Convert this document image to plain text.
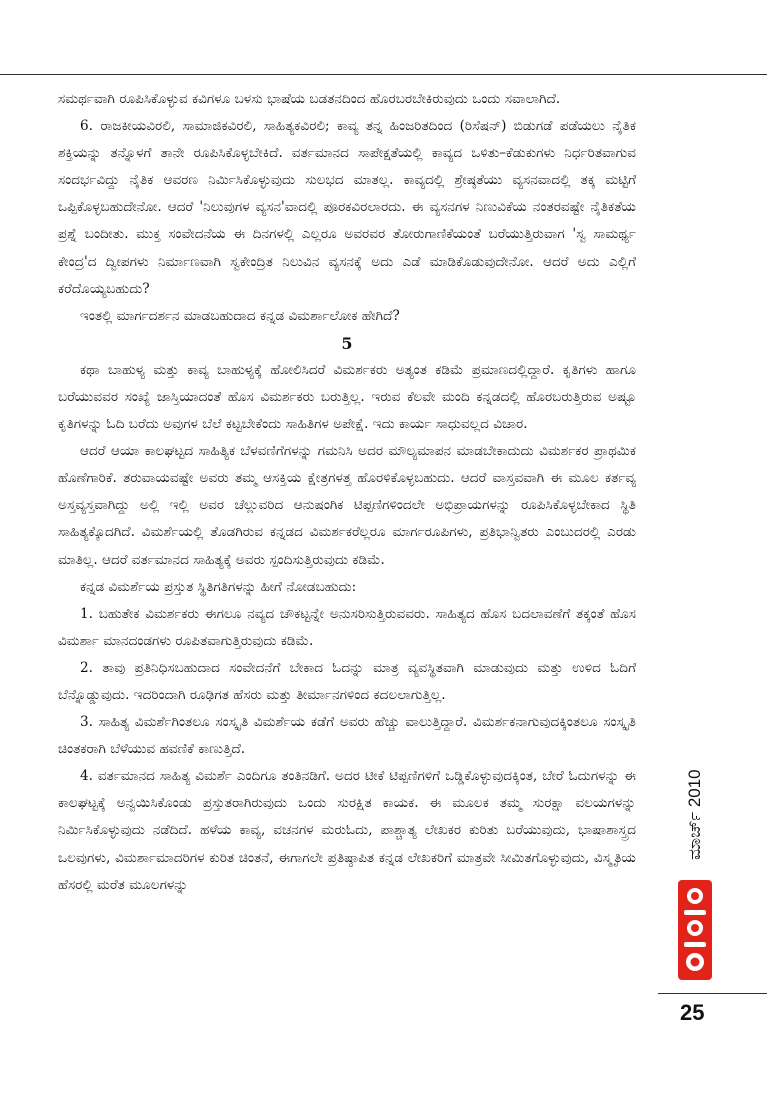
ಸಮರ್ಥವಾಗಿ ರೂಪಿಸಿಕೊಳ್ಳುವ ಕವಿಗಳೂ ಬಳಸು ಭಾಷೆಯ ಬಡತನದಿಂದ ಹೊರಬರಬೇಕಿರುವುದು ಒಂದು ಸವಾಲಾಗಿದೆ.

6. ರಾಜಕೀಯವಿರಲಿ, ಸಾಮಾಜಿಕವಿರಲಿ, ಸಾಹಿತ್ಯಕವಿರಲಿ; ಕಾವ್ಯ ತನ್ನ ಹಿಂಜರಿತದಿಂದ (ರಿಸೆಷನ್) ಬಿಡುಗಡೆ ಪಡೆಯಲು ನೈತಿಕ ಶಕ್ತಿಯನ್ನು ತನ್ನೊಳಗೆ ತಾನೇ ರೂಪಿಸಿಕೊಳ್ಳಬೇಕಿದೆ. ವರ್ತಮಾನದ ಸಾಪೇಕ್ಷತೆಯಲ್ಲಿ ಕಾವ್ಯದ ಒಳಿತು–ಕೆಡುಕುಗಳು ನಿರ್ಧರಿತವಾಗುವ ಸಂದರ್ಭವಿದ್ದು ನೈತಿಕ ಆವರಣ ನಿರ್ಮಿಸಿಕೊಳ್ಳುವುದು ಸುಲಭದ ಮಾತಲ್ಲ. ಕಾವ್ಯದಲ್ಲಿ ಶ್ರೇಷ್ಠತೆಯು ವ್ಯಸನವಾದಲ್ಲಿ ತಕ್ಕ ಮಟ್ಟಿಗೆ ಒಪ್ಪಿಕೊಳ್ಳಬಹುದೇನೋ. ಆದರೆ 'ನಿಲುವುಗಳ ವ್ಯಸನ'ವಾದಲ್ಲಿ ಪೂರಕವಿರಲಾರದು. ಈ ವ್ಯಸನಗಳ ನಿಣುವಿಕೆಯ ನಂತರವಷ್ಟೇ ನೈತಿಕತೆಯ ಪ್ರಶ್ನೆ ಬಂದೀತು. ಮುಕ್ತ ಸಂವೇದನೆಯ ಈ ದಿನಗಳಲ್ಲಿ ಎಲ್ಲರೂ ಅವರವರ ತೋರುಗಾಣಿಕೆಯಂತೆ ಬರೆಯುತ್ತಿರುವಾಗ 'ಸ್ವ ಸಾಮರ್ಥ್ಯ ಕೇಂದ್ರ'ದ ದ್ವೀಪಗಳು ನಿರ್ಮಾಣವಾಗಿ ಸ್ವಕೇಂದ್ರಿತ ನಿಲುವಿನ ವ್ಯಸನಕ್ಕೆ ಅದು ಎಡೆ ಮಾಡಿಕೊಡುವುದೇನೋ. ಆದರೆ ಅದು ಎಲ್ಲಿಗೆ ಕರೆದೊಯ್ಯಬಹುದು?

ಇಂತಲ್ಲಿ ಮಾರ್ಗದರ್ಶನ ಮಾಡಬಹುದಾದ ಕನ್ನಡ ವಿಮರ್ಶಾಲೋಕ ಹೇಗಿದೆ?

5

ಕಥಾ ಬಾಹುಳ್ಯ ಮತ್ತು ಕಾವ್ಯ ಬಾಹುಳ್ಯಕ್ಕೆ ಹೋಲಿಸಿದರೆ ವಿಮರ್ಶಕರು ಅತ್ಯಂತ ಕಡಿಮೆ ಪ್ರಮಾಣದಲ್ಲಿದ್ದಾರೆ. ಕೃತಿಗಳು ಹಾಗೂ ಬರೆಯುವವರ ಸಂಖ್ಯೆ ಜಾಸ್ತಿಯಾದಂತೆ ಹೊಸ ವಿಮರ್ಶಕರು ಬರುತ್ತಿಲ್ಲ. ಇರುವ ಕೆಲವೇ ಮಂದಿ ಕನ್ನಡದಲ್ಲಿ ಹೊರಬರುತ್ತಿರುವ ಅಷ್ಟೂ ಕೃತಿಗಳನ್ನು ಓದಿ ಬರೆದು ಅವುಗಳ ಬೆಲೆ ಕಟ್ಟಬೇಕೆಂದು ಸಾಹಿತಿಗಳ ಅಪೇಕ್ಷೆ. ಇದು ಕಾರ್ಯ ಸಾಧುವಲ್ಲದ ವಿಚಾರ.

ಆದರೆ ಆಯಾ ಕಾಲಘಟ್ಟದ ಸಾಹಿತ್ಯಿಕ ಬೆಳವಣಿಗೆಗಳನ್ನು ಗಮನಿಸಿ ಅದರ ಮೌಲ್ಯಮಾಪನ ಮಾಡಬೇಕಾದುದು ವಿಮರ್ಶಕರ ಪ್ರಾಥಮಿಕ ಹೊಣೆಗಾರಿಕೆ. ತರುವಾಯವಷ್ಟೇ ಅವರು ತಮ್ಮ ಆಸಕ್ತಿಯ ಕ್ಷೇತ್ರಗಳತ್ತ ಹೊರಳಿಕೊಳ್ಳಬಹುದು. ಆದರೆ ವಾಸ್ತವವಾಗಿ ಈ ಮೂಲ ಕರ್ತವ್ಯ ಅಸ್ತವ್ಯಸ್ತವಾಗಿದ್ದು ಅಲ್ಲಿ ಇಲ್ಲಿ ಅವರ ಚೆಲ್ಲುವರಿದ ಆನುಷಂಗಿಕ ಟಿಪ್ಪಣಿಗಳಿಂದಲೇ ಅಭಿಪ್ರಾಯಗಳನ್ನು ರೂಪಿಸಿಕೊಳ್ಳಬೇಕಾದ ಸ್ಥಿತಿ ಸಾಹಿತ್ಯಕ್ಕೊದಗಿದೆ. ವಿಮರ್ಶೆಯಲ್ಲಿ ತೊಡಗಿರುವ ಕನ್ನಡದ ವಿಮರ್ಶಕರೆಲ್ಲರೂ ಮಾರ್ಗರೂಪಿಗಳು, ಪ್ರತಿಭಾನ್ವಿತರು ಎಂಬುದರಲ್ಲಿ ಎರಡು ಮಾತಿಲ್ಲ. ಆದರೆ ವರ್ತಮಾನದ ಸಾಹಿತ್ಯಕ್ಕೆ ಅವರು ಸ್ಪಂದಿಸುತ್ತಿರುವುದು ಕಡಿಮೆ.

ಕನ್ನಡ ವಿಮರ್ಶೆಯ ಪ್ರಸ್ತುತ ಸ್ಥಿತಿಗತಿಗಳನ್ನು ಹೀಗೆ ನೋಡಬಹುದು:

1. ಬಹುತೇಕ ವಿಮರ್ಶಕರು ಈಗಲೂ ನವ್ಯದ ಚೌಕಟ್ಟನ್ನೇ ಅನುಸರಿಸುತ್ತಿರುವವರು. ಸಾಹಿತ್ಯದ ಹೊಸ ಬದಲಾವಣೆಗೆ ತಕ್ಕಂತೆ ಹೊಸ ವಿಮರ್ಶಾ ಮಾನದಂಡಗಳು ರೂಪಿತವಾಗುತ್ತಿರುವುದು ಕಡಿಮೆ.

2. ತಾವು ಪ್ರತಿನಿಧಿಸಬಹುದಾದ ಸಂವೇದನೆಗೆ ಬೇಕಾದ ಓದನ್ನು ಮಾತ್ರ ವ್ಯವಸ್ಥಿತವಾಗಿ ಮಾಡುವುದು ಮತ್ತು ಉಳಿದ ಓದಿಗೆ ಬೆನ್ನೊಡ್ಡುವುದು. ಇದರಿಂದಾಗಿ ರೂಢಿಗತ ಹೆಸರು ಮತ್ತು ತೀರ್ಮಾನಗಳಿಂದ ಕದಲಲಾಗುತ್ತಿಲ್ಲ.

3. ಸಾಹಿತ್ಯ ವಿಮರ್ಶೆಗಿಂತಲೂ ಸಂಸ್ಕೃತಿ ವಿಮರ್ಶೆಯ ಕಡೆಗೆ ಅವರು ಹೆಚ್ಚು ವಾಲುತ್ತಿದ್ದಾರೆ. ವಿಮರ್ಶಕನಾಗುವುದಕ್ಕಿಂತಲೂ ಸಂಸ್ಕೃತಿ ಚಿಂತಕರಾಗಿ ಬೆಳೆಯುವ ಹವಣಿಕೆ ಕಾಣುತ್ತಿದೆ.

4. ವರ್ತಮಾನದ ಸಾಹಿತ್ಯ ವಿಮರ್ಶೆ ಎಂದಿಗೂ ತಂತಿನಡಿಗೆ. ಅದರ ಟೀಕೆ ಟಿಪ್ಪಣಿಗಳಿಗೆ ಒಡ್ಡಿಕೊಳ್ಳುವುದಕ್ಕಿಂತ, ಬೇರೆ ಓದುಗಳನ್ನು ಈ ಕಾಲಘಟ್ಟಕ್ಕೆ ಅನ್ವಯಿಸಿಕೊಂಡು ಪ್ರಸ್ತುತರಾಗಿರುವುದು ಒಂದು ಸುರಕ್ಷಿತ ಕಾಯಕ. ಈ ಮೂಲಕ ತಮ್ಮ ಸುರಕ್ಷಾ ವಲಯಗಳನ್ನು ನಿರ್ಮಿಸಿಕೊಳ್ಳುವುದು ನಡೆದಿದೆ. ಹಳೆಯ ಕಾವ್ಯ, ವಚನಗಳ ಮರುಓದು, ಪಾಶ್ಚಾತ್ಯ ಲೇಖಕರ ಕುರಿತು ಬರೆಯುವುದು, ಭಾಷಾಶಾಸ್ತ್ರದ ಒಲವುಗಳು, ವಿಮರ್ಶಾಮಾದರಿಗಳ ಕುರಿತ ಚಿಂತನೆ, ಈಗಾಗಲೇ ಪ್ರತಿಷ್ಠಾಪಿತ ಕನ್ನಡ ಲೇಖಕರಿಗೆ ಮಾತ್ರವೇ ಸೀಮಿತಗೊಳ್ಳುವುದು, ವಿಸ್ಮೃತಿಯ ಹೆಸರಲ್ಲಿ ಮರೆತ ಮೂಲಗಳನ್ನು

ಮಾರ್ಚ್ 2010
25
